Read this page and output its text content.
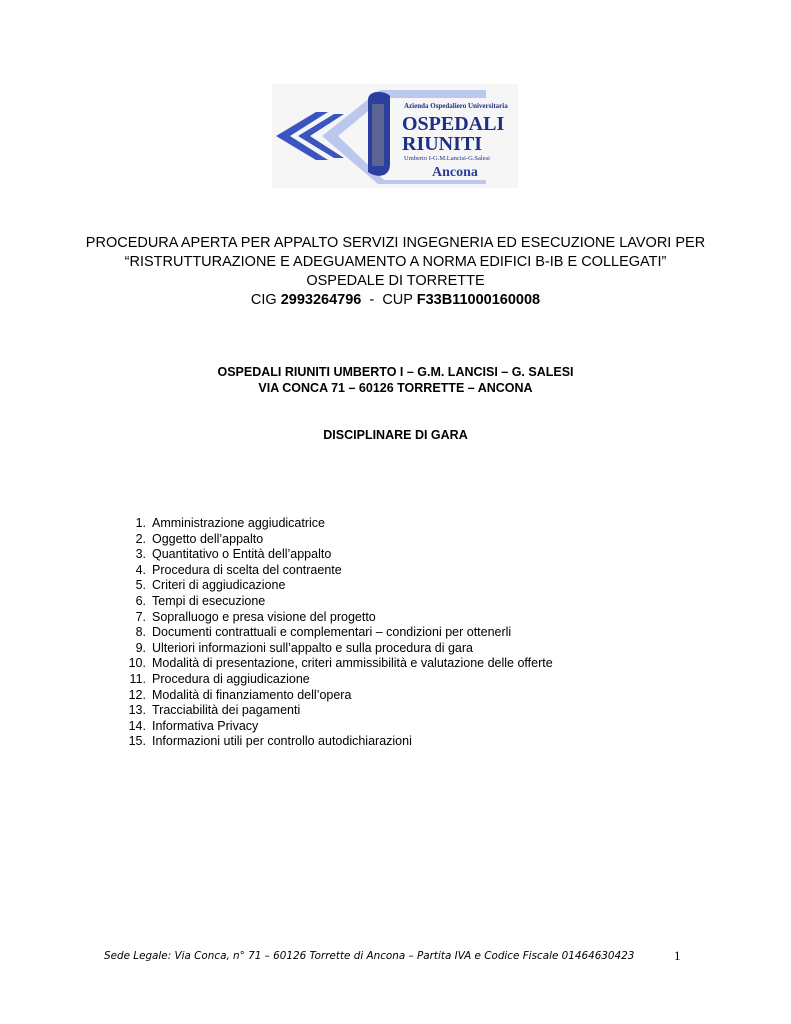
Azienda Ospedaliero Universitaria
OSPEDALI
RIUNITI
Umberto I-G.M.Lancisi-G.Salesi
Ancona
PROCEDURA APERTA PER APPALTO SERVIZI INGEGNERIA ED ESECUZIONE LAVORI PER
“RISTRUTTURAZIONE E ADEGUAMENTO A NORMA EDIFICI B-IB E COLLEGATI”
OSPEDALE DI TORRETTE
CIG 2993264796 - CUP F33B11000160008
OSPEDALI RIUNITI UMBERTO I – G.M. LANCISI – G. SALESI
VIA CONCA 71 – 60126 TORRETTE – ANCONA
DISCIPLINARE DI GARA
1. Amministrazione aggiudicatrice
2. Oggetto dell’appalto
3. Quantitativo o Entità dell’appalto
4. Procedura di scelta del contraente
5. Criteri di aggiudicazione
6. Tempi di esecuzione
7. Sopralluogo e presa visione del progetto
8. Documenti contrattuali e complementari – condizioni per ottenerli
9. Ulteriori informazioni sull’appalto e sulla procedura di gara
10. Modalità di presentazione, criteri ammissibilità e valutazione delle offerte
11. Procedura di aggiudicazione
12. Modalità di finanziamento dell’opera
13. Tracciabilità dei pagamenti
14. Informativa Privacy
15. Informazioni utili per controllo autodichiarazioni
Sede Legale: Via Conca, n° 71 – 60126 Torrette di Ancona – Partita IVA e Codice Fiscale 01464630423	1
